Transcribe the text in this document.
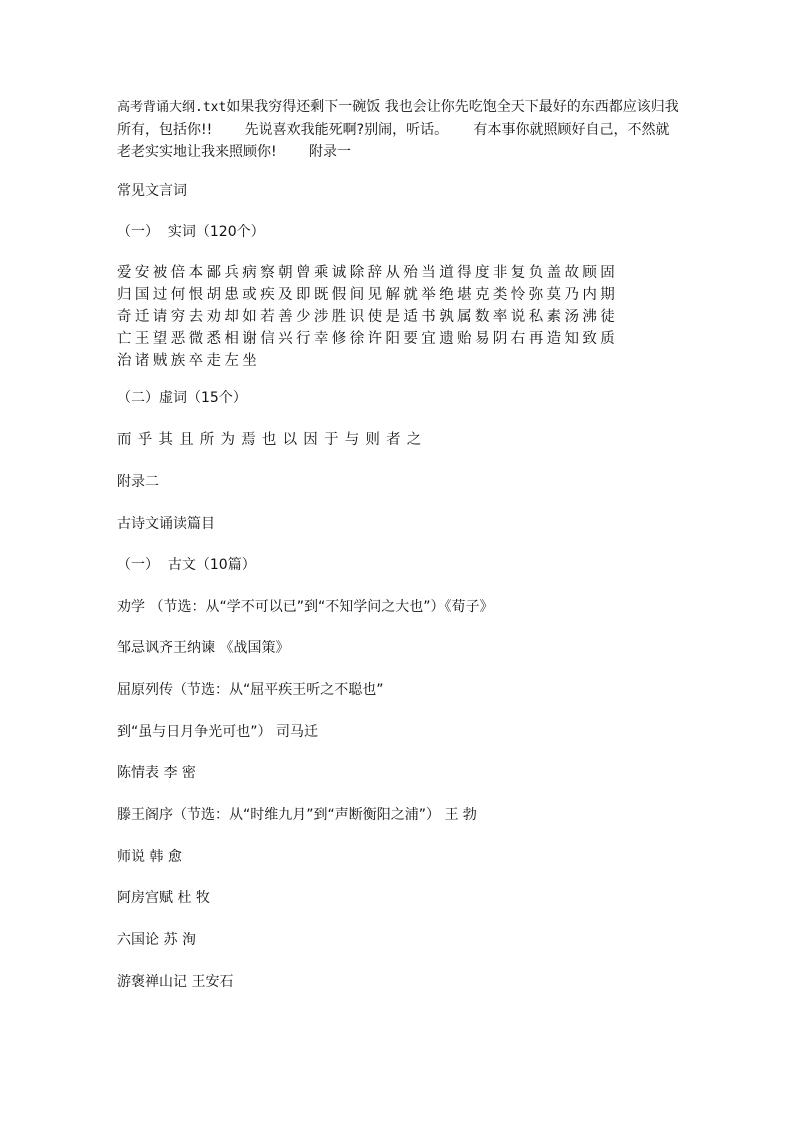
高考背诵大纲.txt如果我穷得还剩下一碗饭 我也会让你先吃饱全天下最好的东西都应该归我所有，包括你!!　　 先说喜欢我能死啊?别闹，听话。　　 有本事你就照顾好自己，不然就老老实实地让我来照顾你!　　 附录一
常见文言词
（一）  实词（120个）
爱安被倍本鄙兵病察朝曾乘诚除辞从殆当道得度非复负盖故顾固
归国过何恨胡患或疾及即既假间见解就举绝堪克类怜弥莫乃内期
奇迁请穷去劝却如若善少涉胜识使是适书孰属数率说私素汤沸徒
亡王望恶微悉相谢信兴行幸修徐许阳要宜遗贻易阴右再造知致质
治诸贼族卒走左坐
（二）虚词（15个）
而乎其且所为焉也以因于与则者之
附录二
古诗文诵读篇目
（一）  古文（10篇）
劝学 （节选：从“学不可以已”到“不知学问之大也”）《荀子》
邹忌讽齐王纳谏 《战国策》
屈原列传（节选：从“屈平疾王听之不聪也”
到“虽与日月争光可也”） 司马迁
陈情表 李 密
滕王阁序（节选：从“时维九月”到“声断衡阳之浦”） 王 勃
师说 韩 愈
阿房宫赋 杜 牧
六国论 苏 洵
游褒禅山记 王安石
